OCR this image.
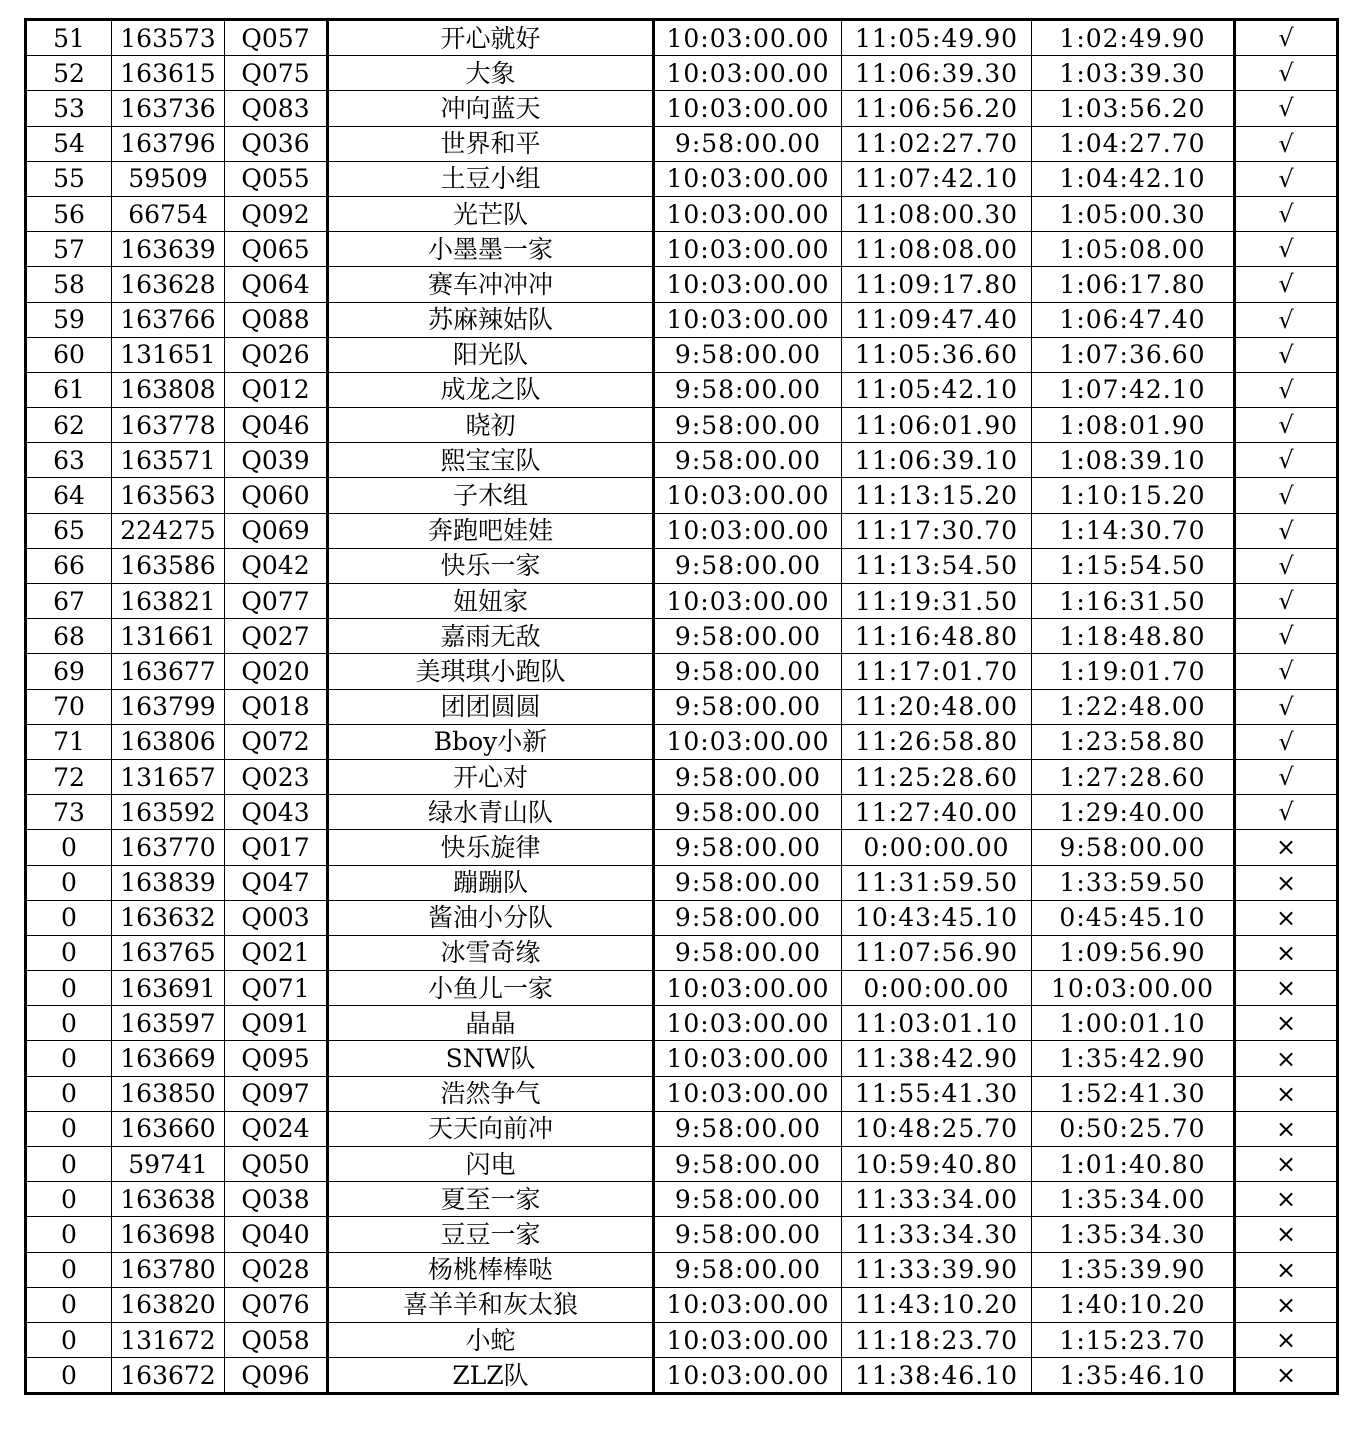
51	163573	Q057	开心就好	10:03:00.00	11:05:49.90	1:02:49.90	√
52	163615	Q075	大象	10:03:00.00	11:06:39.30	1:03:39.30	√
53	163736	Q083	冲向蓝天	10:03:00.00	11:06:56.20	1:03:56.20	√
54	163796	Q036	世界和平	9:58:00.00	11:02:27.70	1:04:27.70	√
55	59509	Q055	土豆小组	10:03:00.00	11:07:42.10	1:04:42.10	√
56	66754	Q092	光芒队	10:03:00.00	11:08:00.30	1:05:00.30	√
57	163639	Q065	小墨墨一家	10:03:00.00	11:08:08.00	1:05:08.00	√
58	163628	Q064	赛车冲冲冲	10:03:00.00	11:09:17.80	1:06:17.80	√
59	163766	Q088	苏麻辣姑队	10:03:00.00	11:09:47.40	1:06:47.40	√
60	131651	Q026	阳光队	9:58:00.00	11:05:36.60	1:07:36.60	√
61	163808	Q012	成龙之队	9:58:00.00	11:05:42.10	1:07:42.10	√
62	163778	Q046	晓初	9:58:00.00	11:06:01.90	1:08:01.90	√
63	163571	Q039	熙宝宝队	9:58:00.00	11:06:39.10	1:08:39.10	√
64	163563	Q060	子木组	10:03:00.00	11:13:15.20	1:10:15.20	√
65	224275	Q069	奔跑吧娃娃	10:03:00.00	11:17:30.70	1:14:30.70	√
66	163586	Q042	快乐一家	9:58:00.00	11:13:54.50	1:15:54.50	√
67	163821	Q077	妞妞家	10:03:00.00	11:19:31.50	1:16:31.50	√
68	131661	Q027	嘉雨无敌	9:58:00.00	11:16:48.80	1:18:48.80	√
69	163677	Q020	美琪琪小跑队	9:58:00.00	11:17:01.70	1:19:01.70	√
70	163799	Q018	团团圆圆	9:58:00.00	11:20:48.00	1:22:48.00	√
71	163806	Q072	Bboy小新	10:03:00.00	11:26:58.80	1:23:58.80	√
72	131657	Q023	开心对	9:58:00.00	11:25:28.60	1:27:28.60	√
73	163592	Q043	绿水青山队	9:58:00.00	11:27:40.00	1:29:40.00	√
0	163770	Q017	快乐旋律	9:58:00.00	0:00:00.00	9:58:00.00	×
0	163839	Q047	蹦蹦队	9:58:00.00	11:31:59.50	1:33:59.50	×
0	163632	Q003	酱油小分队	9:58:00.00	10:43:45.10	0:45:45.10	×
0	163765	Q021	冰雪奇缘	9:58:00.00	11:07:56.90	1:09:56.90	×
0	163691	Q071	小鱼儿一家	10:03:00.00	0:00:00.00	10:03:00.00	×
0	163597	Q091	晶晶	10:03:00.00	11:03:01.10	1:00:01.10	×
0	163669	Q095	SNW队	10:03:00.00	11:38:42.90	1:35:42.90	×
0	163850	Q097	浩然争气	10:03:00.00	11:55:41.30	1:52:41.30	×
0	163660	Q024	天天向前冲	9:58:00.00	10:48:25.70	0:50:25.70	×
0	59741	Q050	闪电	9:58:00.00	10:59:40.80	1:01:40.80	×
0	163638	Q038	夏至一家	9:58:00.00	11:33:34.00	1:35:34.00	×
0	163698	Q040	豆豆一家	9:58:00.00	11:33:34.30	1:35:34.30	×
0	163780	Q028	杨桃棒棒哒	9:58:00.00	11:33:39.90	1:35:39.90	×
0	163820	Q076	喜羊羊和灰太狼	10:03:00.00	11:43:10.20	1:40:10.20	×
0	131672	Q058	小蛇	10:03:00.00	11:18:23.70	1:15:23.70	×
0	163672	Q096	ZLZ队	10:03:00.00	11:38:46.10	1:35:46.10	×
